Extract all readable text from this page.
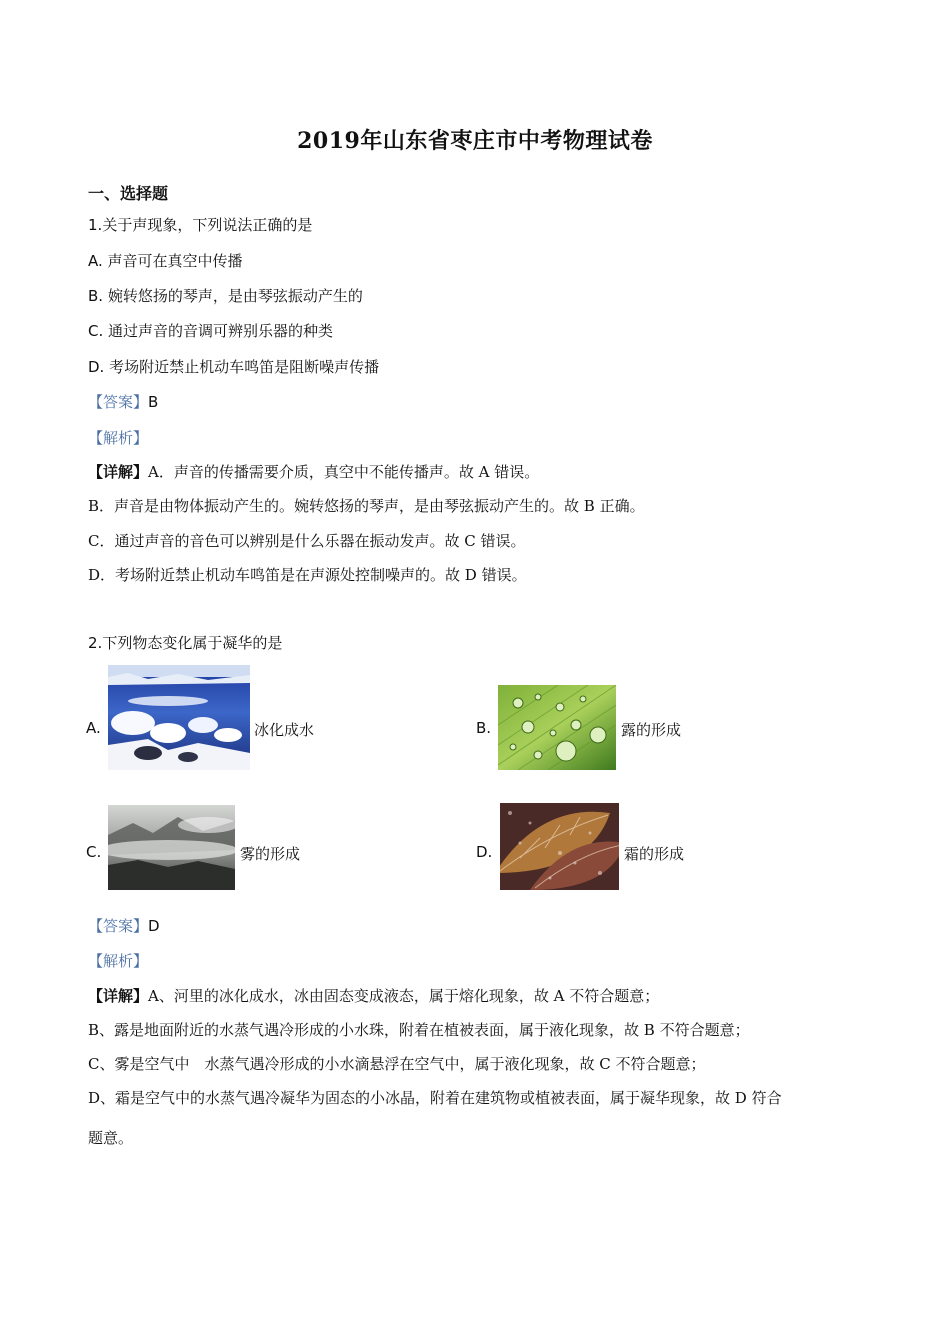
2019年山东省枣庄市中考物理试卷
一、选择题
1.关于声现象，下列说法正确的是
A. 声音可在真空中传播
B. 婉转悠扬的琴声，是由琴弦振动产生的
C. 通过声音的音调可辨别乐器的种类
D. 考场附近禁止机动车鸣笛是阻断噪声传播
【答案】B
【解析】
【详解】A．声音的传播需要介质，真空中不能传播声。故 A 错误。
B．声音是由物体振动产生的。婉转悠扬的琴声，是由琴弦振动产生的。故 B 正确。
C．通过声音的音色可以辨别是什么乐器在振动发声。故 C 错误。
D．考场附近禁止机动车鸣笛是在声源处控制噪声的。故 D 错误。
2.下列物态变化属于凝华的是
A.	冰化成水	B.	露的形成
C.	雾的形成	D.	霜的形成
【答案】D
【解析】
【详解】A、河里的冰化成水，冰由固态变成液态，属于熔化现象，故 A 不符合题意；
B、露是地面附近的水蒸气遇冷形成的小水珠，附着在植被表面，属于液化现象，故 B 不符合题意；
C、雾是空气中　水蒸气遇冷形成的小水滴悬浮在空气中，属于液化现象，故 C 不符合题意；
D、霜是空气中的水蒸气遇冷凝华为固态的小冰晶，附着在建筑物或植被表面，属于凝华现象，故 D 符合
题意。
